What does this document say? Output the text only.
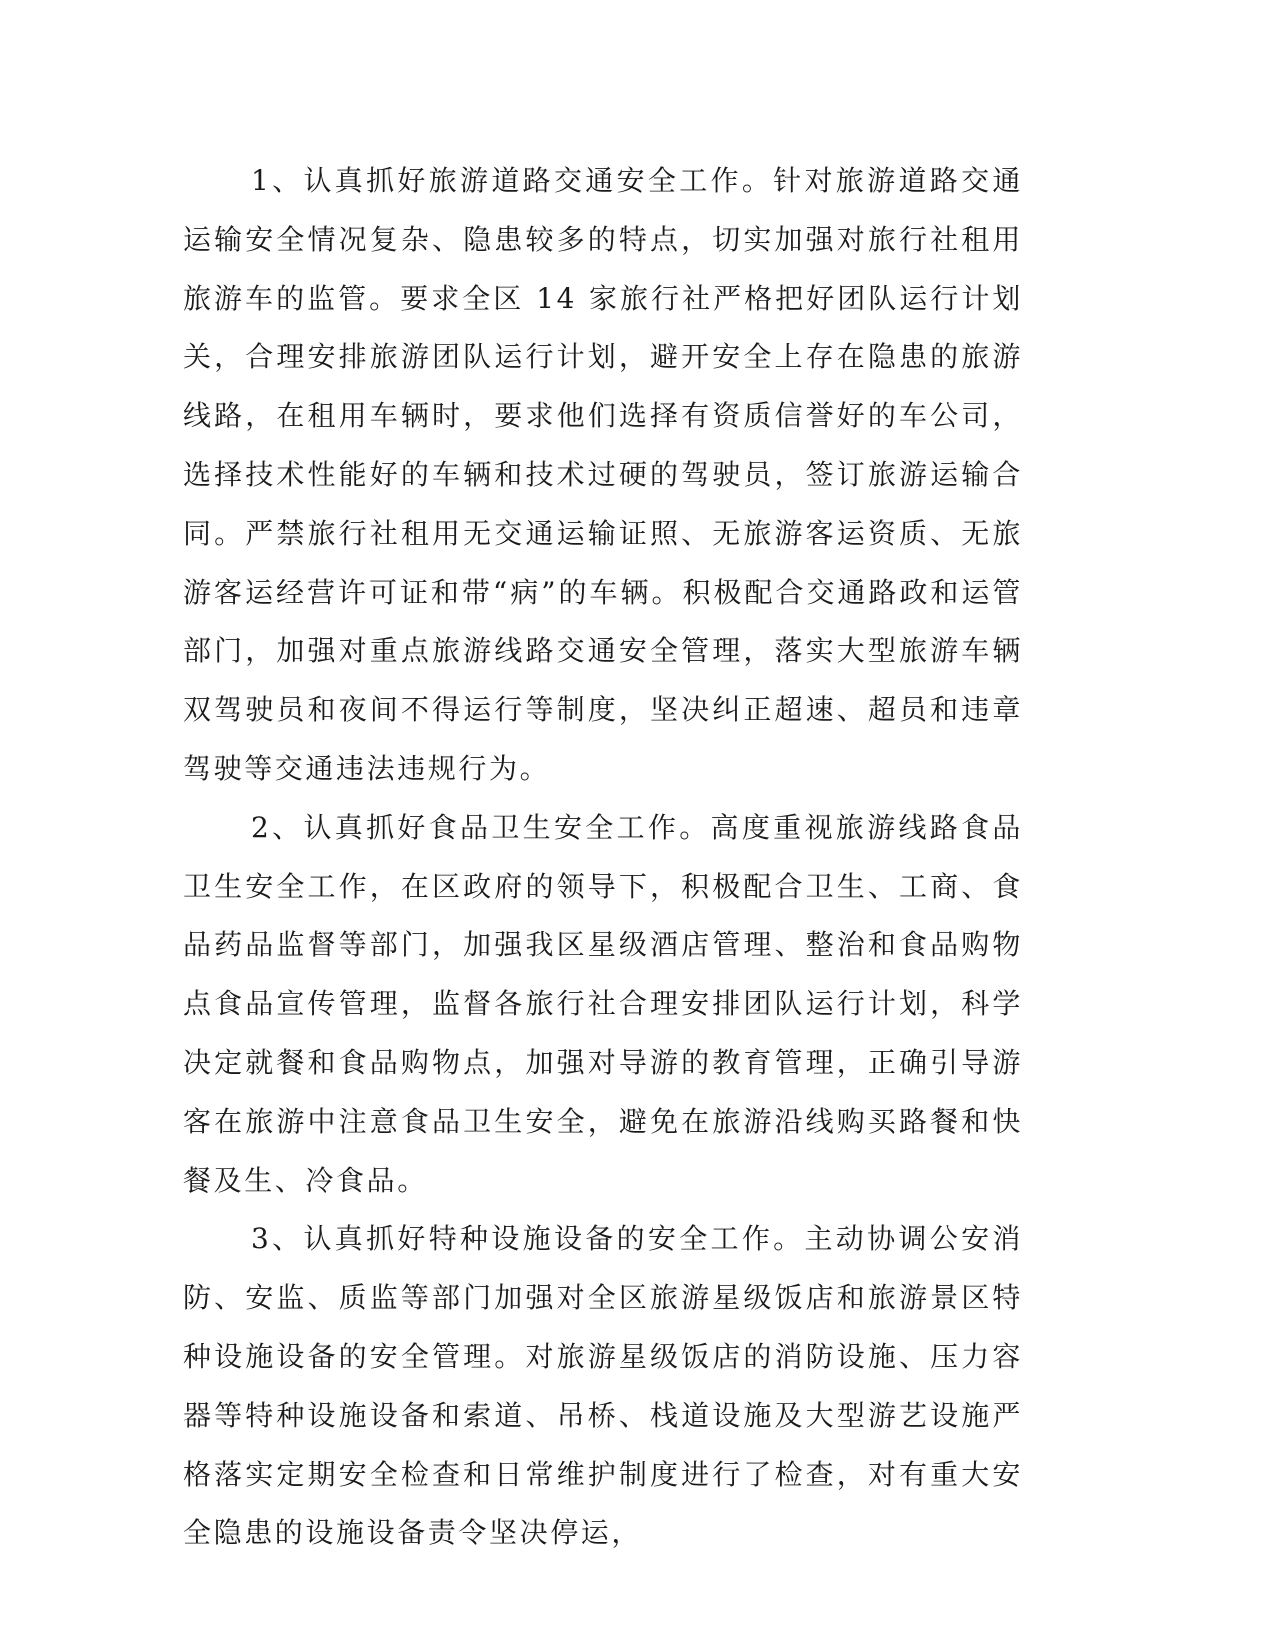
1、认真抓好旅游道路交通安全工作。针对旅游道路交通运输安全情况复杂、隐患较多的特点，切实加强对旅行社租用旅游车的监管。要求全区 14 家旅行社严格把好团队运行计划关，合理安排旅游团队运行计划，避开安全上存在隐患的旅游线路，在租用车辆时，要求他们选择有资质信誉好的车公司，选择技术性能好的车辆和技术过硬的驾驶员，签订旅游运输合同。严禁旅行社租用无交通运输证照、无旅游客运资质、无旅游客运经营许可证和带“病”的车辆。积极配合交通路政和运管部门，加强对重点旅游线路交通安全管理，落实大型旅游车辆双驾驶员和夜间不得运行等制度，坚决纠正超速、超员和违章驾驶等交通违法违规行为。

2、认真抓好食品卫生安全工作。高度重视旅游线路食品卫生安全工作，在区政府的领导下，积极配合卫生、工商、食品药品监督等部门，加强我区星级酒店管理、整治和食品购物点食品宣传管理，监督各旅行社合理安排团队运行计划，科学决定就餐和食品购物点，加强对导游的教育管理，正确引导游客在旅游中注意食品卫生安全，避免在旅游沿线购买路餐和快餐及生、冷食品。

3、认真抓好特种设施设备的安全工作。主动协调公安消防、安监、质监等部门加强对全区旅游星级饭店和旅游景区特种设施设备的安全管理。对旅游星级饭店的消防设施、压力容器等特种设施设备和索道、吊桥、栈道设施及大型游艺设施严格落实定期安全检查和日常维护制度进行了检查，对有重大安全隐患的设施设备责令坚决停运，
